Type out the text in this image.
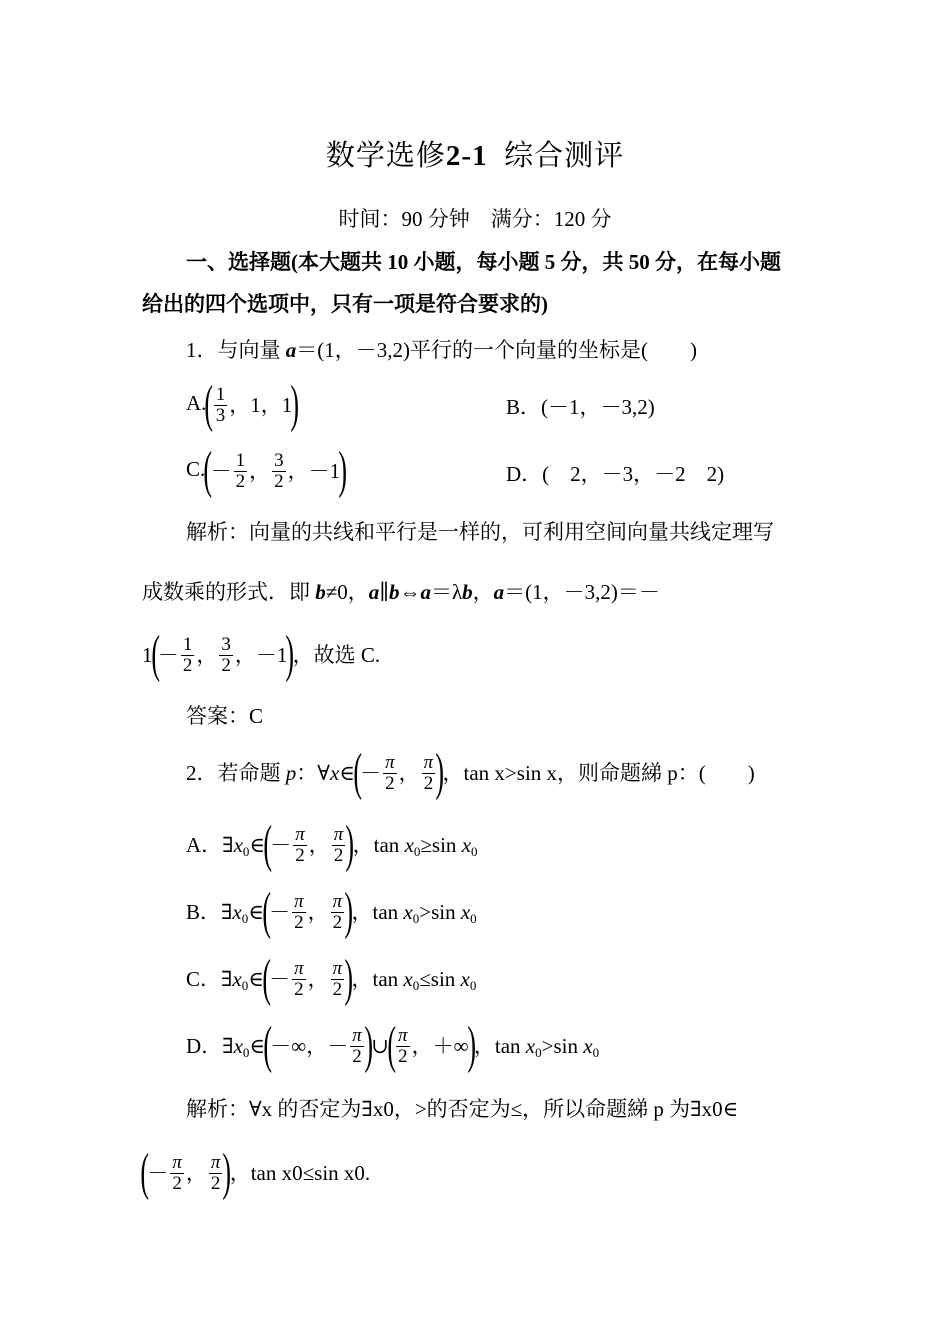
数学选修2-1 综合测评
时间：90 分钟　满分：120 分
一、选择题(本大题共 10 小题，每小题 5 分，共 50 分，在每小题
给出的四个选项中，只有一项是符合要求的)
1．与向量 a＝(1，－3,2)平行的一个向量的坐标是(　　)
$A.( \frac{1}{3}$ ，1，1)	B．(－1，－3,2)
$C.(- \frac{1}{2}$ ， $\frac{3}{2}$ ，－1)	D．(　2，－3，－2　2)
解析：向量的共线和平行是一样的，可利用空间向量共线定理写
成数乘的形式．即 b≠0，a∥b⇔a＝λb，a＝(1，－3,2)＝－
$1(- \frac{1}{2}$ ， $\frac{3}{2}$ ，－1)，故选 C.
答案：C
2．若命题 p：∀x∈(－ $\frac{\pi}{2}$ ， $\frac{\pi}{2}$ )，tan x>sin x，则命题綈 p：(　　)
A．$\exists x_0\in(- \frac{\pi}{2}$ ， $\frac{\pi}{2}$ )，$\tan x_0\ge\sin$ $x_0$
B．$\exists x_0\in(- \frac{\pi}{2}$ ， $\frac{\pi}{2}$ )，$\tan x_0>\sin$ $x_0$
C．$\exists x_0\in(- \frac{\pi}{2}$ ， $\frac{\pi}{2}$ )，$\tan x_0\le\sin$ $x_0$
D．$\exists x_0\in(-\infty$，－ $\frac{\pi}{2}$ )∪( $\frac{\pi}{2}$ ，＋∞)，$\tan x_0>\sin$ $x_0$
解析：∀x 的否定为∃x0，>的否定为≤，所以命题綈 p 为∃x0∈
(－ $\frac{\pi}{2}$ ， $\frac{\pi}{2}$ )，tan x0≤sin x0.
